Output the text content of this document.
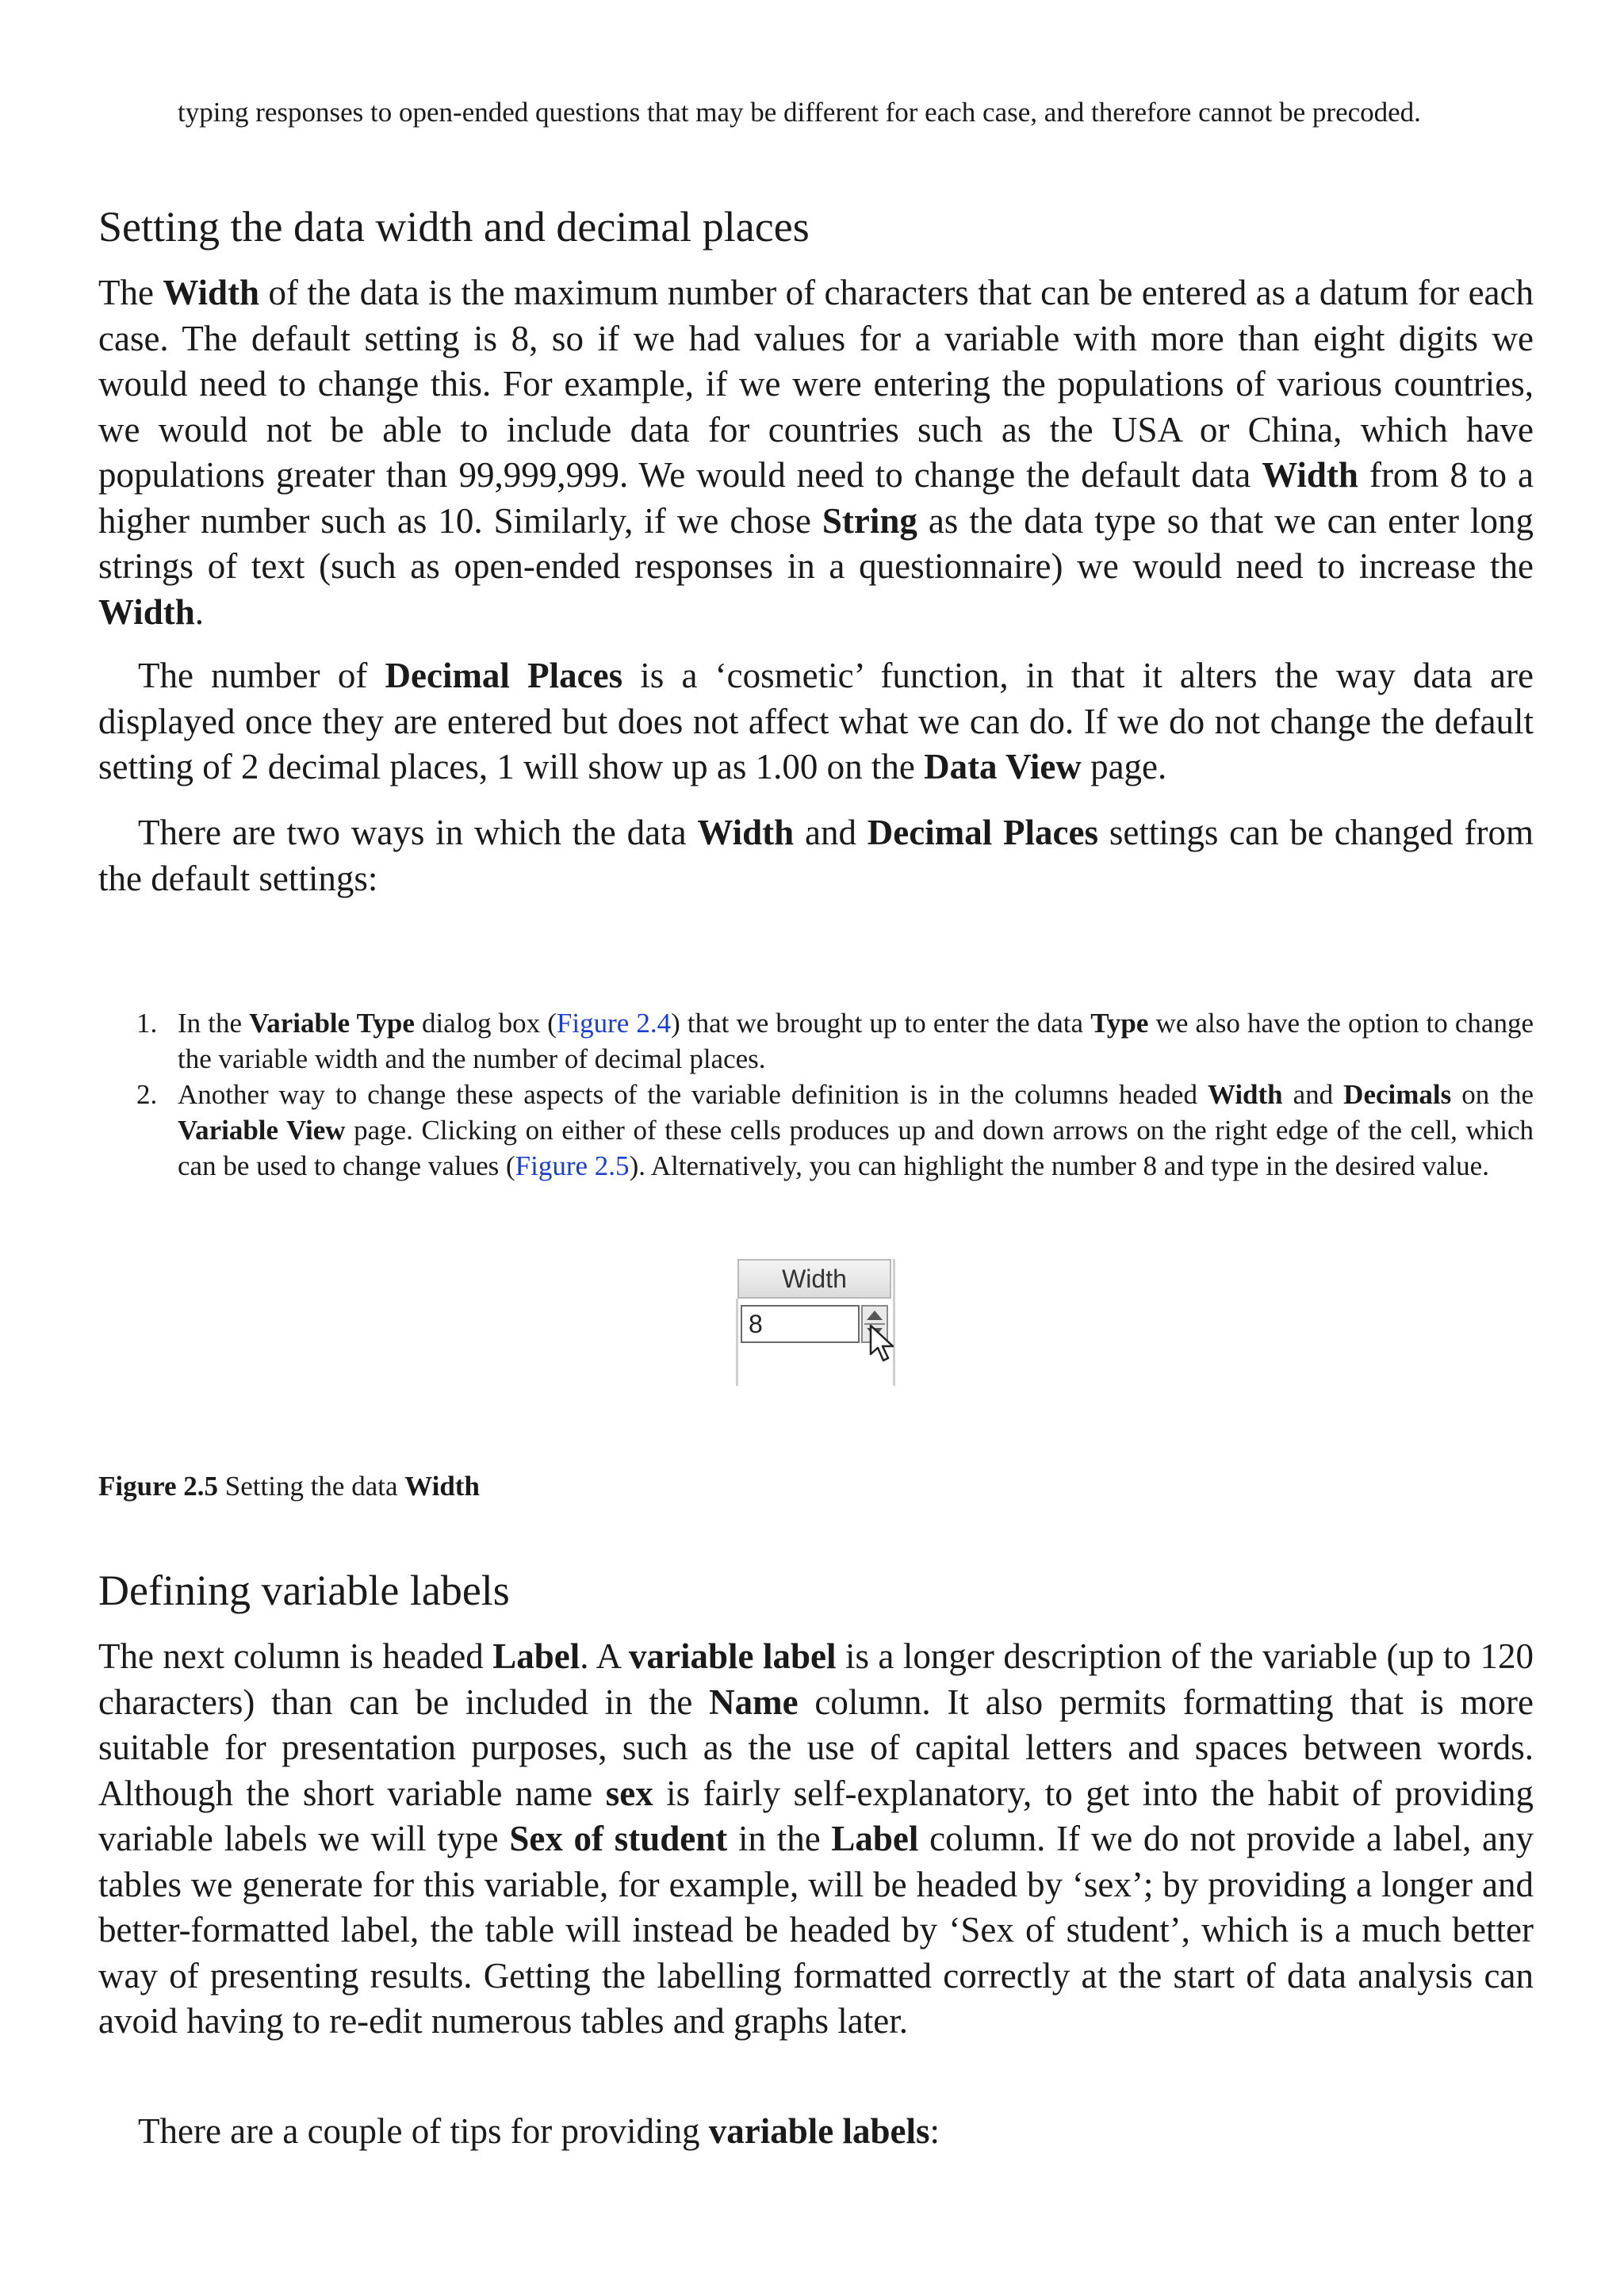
typing responses to open-ended questions that may be different for each case, and therefore cannot be precoded.
Setting the data width and decimal places

The Width of the data is the maximum number of characters that can be entered as a datum for each case. The default setting is 8, so if we had values for a variable with more than eight digits we would need to change this. For example, if we were entering the populations of various countries, we would not be able to include data for countries such as the USA or China, which have populations greater than 99,999,999. We would need to change the default data Width from 8 to a higher number such as 10. Similarly, if we chose String as the data type so that we can enter long strings of text (such as open-ended responses in a questionnaire) we would need to increase the Width.

The number of Decimal Places is a ‘cosmetic’ function, in that it alters the way data are displayed once they are entered but does not affect what we can do. If we do not change the default setting of 2 decimal places, 1 will show up as 1.00 on the Data View page.

There are two ways in which the data Width and Decimal Places settings can be changed from the default settings:

1. In the Variable Type dialog box (Figure 2.4) that we brought up to enter the data Type we also have the option to change the variable width and the number of decimal places.
2. Another way to change these aspects of the variable definition is in the columns headed Width and Decimals on the Variable View page. Clicking on either of these cells produces up and down arrows on the right edge of the cell, which can be used to change values (Figure 2.5). Alternatively, you can highlight the number 8 and type in the desired value.
Width
8
Figure 2.5 Setting the data Width
Defining variable labels

The next column is headed Label. A variable label is a longer description of the variable (up to 120 characters) than can be included in the Name column. It also permits formatting that is more suitable for presentation purposes, such as the use of capital letters and spaces between words. Although the short variable name sex is fairly self-explanatory, to get into the habit of providing variable labels we will type Sex of student in the Label column. If we do not provide a label, any tables we generate for this variable, for example, will be headed by ‘sex’; by providing a longer and better-formatted label, the table will instead be headed by ‘Sex of student’, which is a much better way of presenting results. Getting the labelling formatted correctly at the start of data analysis can avoid having to re-edit numerous tables and graphs later.

There are a couple of tips for providing variable labels:
